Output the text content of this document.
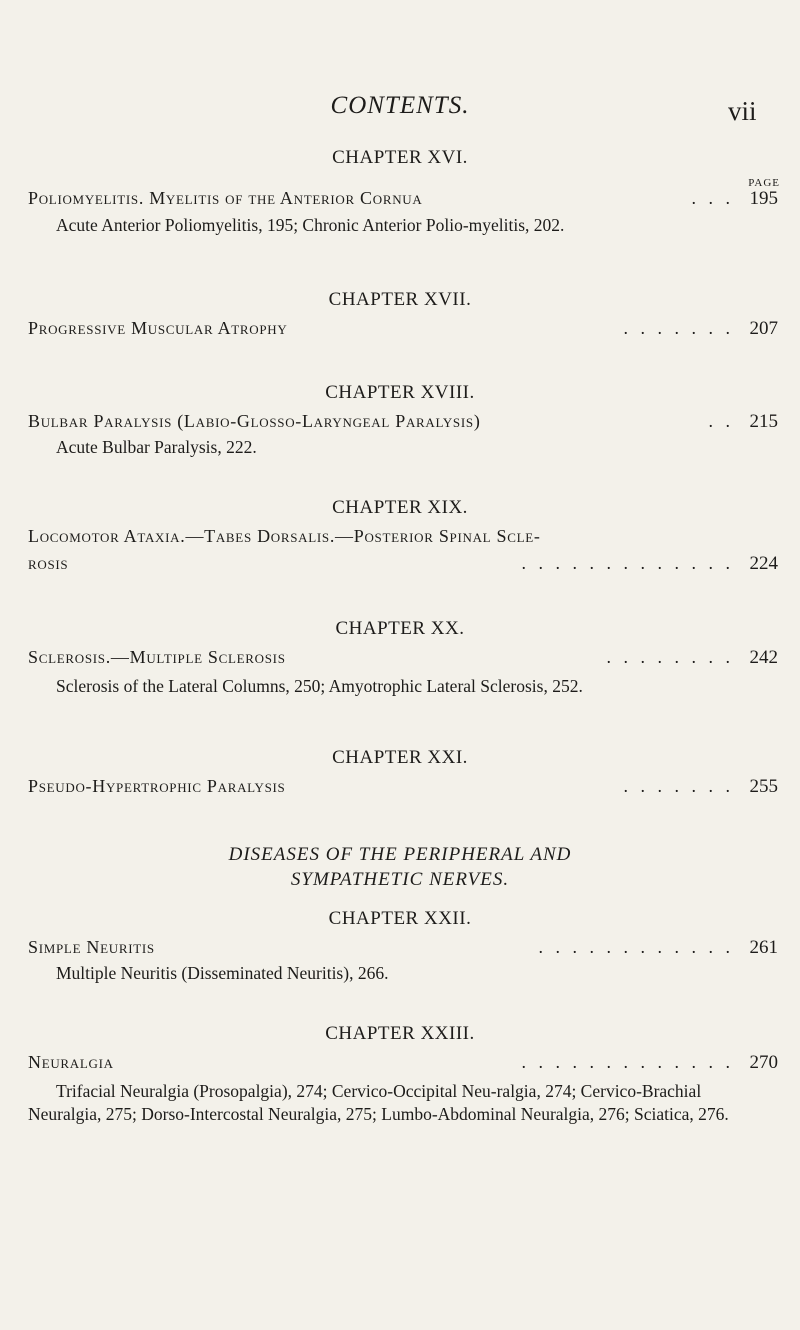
CONTENTS.	vii
CHAPTER XVI.
PAGE
Poliomyelitis. Myelitis of the Anterior Cornua	. . . 195
Acute Anterior Poliomyelitis, 195; Chronic Anterior Polio-myelitis, 202.
CHAPTER XVII.
Progressive Muscular Atrophy	. . . . . . . 207
CHAPTER XVIII.
Bulbar Paralysis (Labio-Glosso-Laryngeal Paralysis)	. . 215
Acute Bulbar Paralysis, 222.
CHAPTER XIX.
Locomotor Ataxia.—Tabes Dorsalis.—Posterior Spinal Scle-
rosis	. . . . . . . . . . . . . 224
CHAPTER XX.
Sclerosis.—Multiple Sclerosis	. . . . . . . . 242
Sclerosis of the Lateral Columns, 250; Amyotrophic Lateral Sclerosis, 252.
CHAPTER XXI.
Pseudo-Hypertrophic Paralysis	. . . . . . . 255
DISEASES OF THE PERIPHERAL AND SYMPATHETIC NERVES.
CHAPTER XXII.
Simple Neuritis	. . . . . . . . . . . . 261
Multiple Neuritis (Disseminated Neuritis), 266.
CHAPTER XXIII.
Neuralgia	. . . . . . . . . . . . . 270
Trifacial Neuralgia (Prosopalgia), 274; Cervico-Occipital Neu-ralgia, 274; Cervico-Brachial Neuralgia, 275; Dorso-Intercostal Neuralgia, 275; Lumbo-Abdominal Neuralgia, 276; Sciatica, 276.
